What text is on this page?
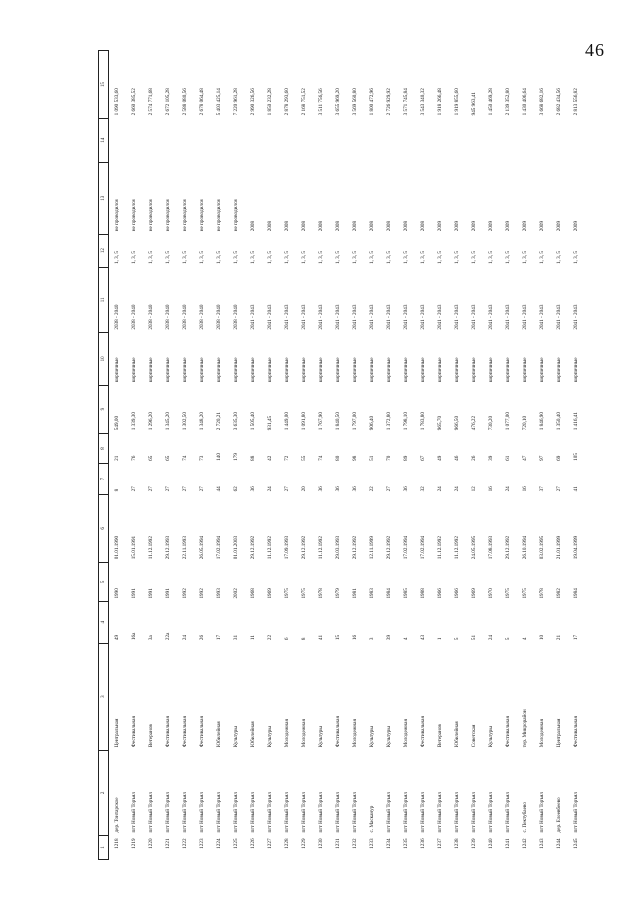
46
1	2	3	4	5	6	7	8	9	10	11	12	13	14	15
1218	дер. Тонтарское	Центральная	49	1990	01.01.1990	8	21	549,00	кирпичные	2038 - 2040	1, 3, 5	не проводился		1 090 533,60
1219	пгт Новый Торъял	Фестивальная	16а	1991	15.01.1991	27	76	1 339,30	кирпичные	2038 - 2040	1, 3, 5	не проводился		2 660 385,52
1220	пгт Новый Торъял	Ветеранов	3а	1991	11.12.1992	27	65	1 296,20	кирпичные	2038 - 2040	1, 3, 5	не проводился		2 574 771,68
1221	пгт Новый Торъял	Фестивальная	22а	1991	29.12.1993	27	65	1 345,20	кирпичные	2038 - 2040	1, 3, 5	не проводился		2 672 105,28
1222	пгт Новый Торъял	Фестивальная	24	1992	22.11.1993	27	74	1 302,50	кирпичные	2038 - 2040	1, 3, 5	не проводился		2 588 080,56
1223	пгт Новый Торъял	Фестивальная	26	1992	26.05.1994	27	73	1 348,20	кирпичные	2038 - 2040	1, 3, 5	не проводился		2 678 064,48
1224	пгт Новый Торъял	Юбилейная	17	1993	17.02.1994	44	140	2 720,21	кирпичные	2038 - 2040	1, 3, 5	не проводился		5 403 425,14
1225	пгт Новый Торъял	Культуры	31	2002	01.01.2003	62	179	3 635,30	кирпичные	2038 - 2040	1, 3, 5	не проводился		7 220 961,28
1226	пгт Новый Торъял	Юбилейная	11	1968	29.12.1992	36	88	1 505,40	кирпичные	2041 - 2043	1, 3, 5	2008		2 990 326,56
1227	пгт Новый Торъял	Культуры	22	1969	11.12.1992	24	42	931,45	кирпичные	2041 - 2043	1, 3, 5	2008		1 850 232,28
1228	пгт Новый Торъял	Молодежная	6	1975	17.09.1993	27	72	1 449,00	кирпичные	2041 - 2043	1, 3, 5	2008		2 878 293,60
1229	пгт Новый Торъял	Молодежная	8	1975	29.12.1992	20	55	1 091,80	кирпичные	2041 - 2043	1, 3, 5	2008		2 168 751,52
1230	пгт Новый Торъял	Культуры	41	1978	11.12.1992	36	74	1 767,90	кирпичные	2041 - 2043	1, 3, 5	2008		3 511 756,56
1231	пгт Новый Торъял	Фестивальная	15	1979	29.03.1993	36	80	1 840,50	кирпичные	2041 - 2043	1, 3, 5	2008		3 655 969,20
1232	пгт Новый Торъял	Молодежная	16	1981	29.12.1992	36	98	1 797,00	кирпичные	2041 - 2043	1, 3, 5	2008		3 569 560,80
1233	с. Масканур	Культуры	3	1983	12.11.1999	22	51	906,40	кирпичные	2041 - 2043	1, 3, 5	2008		1 800 472,96
1234	пгт Новый Торъял	Культуры	39	1984	29.12.1992	27	70	1 372,80	кирпичные	2041 - 2043	1, 3, 5	2008		2 726 929,92
1235	пгт Новый Торъял	Молодежная	4	1985	17.02.1994	36	89	1 798,10	кирпичные	2041 - 2043	1, 3, 5	2008		3 571 745,84
1236	пгт Новый Торъял	Фестивальная	43	1988	17.02.1994	32	67	1 783,80	кирпичные	2041 - 2043	1, 3, 5	2008		3 543 340,32
1237	пгт Новый Торъял	Ветеранов	1	1966	11.12.1992	24	49	965,70	кирпичные	2041 - 2043	1, 3, 5	2009		1 918 266,48
1238	пгт Новый Торъял	Юбилейная	5	1966	11.12.1992	24	46	966,50	кирпичные	2041 - 2043	1, 3, 5	2009		1 919 855,60
1239	пгт Новый Торъял	Советская	51	1969	24.05.1995	12	26	476,22	кирпичные	2041 - 2043	1, 3, 5	2009		945 963,41
1240	пгт Новый Торъял	Культуры	24	1970	17.08.1993	16	39	730,20	кирпичные	2041 - 2043	1, 3, 5	2009		1 450 469,28
1241	пгт Новый Торъял	Фестивальная	5	1975	29.12.1992	24	61	1 077,00	кирпичные	2041 - 2043	1, 3, 5	2009		2 139 352,80
1242	с. Пектубаево	тер. Микрорайон	4	1975	26.10.1994	16	47	720,10	кирпичные	2041 - 2043	1, 3, 5	2009		1 430 406,64
1243	пгт Новый Торъял	Молодежная	10	1978	03.02.1995	37	97	1 846,90	кирпичные	2041 - 2043	1, 3, 5	2009		3 668 682,16
1244	дер. Елеевбеево	Центральная	21	1982	21.01.1999	27	69	1 350,40	кирпичные	2041 - 2043	1, 3, 5	2009		2 682 434,56
1245	пгт Новый Торъял	Фестивальная	17	1984	19.04.1999	41	105	1 416,41	кирпичные	2041 - 2043	1, 3, 5	2009		2 813 556,82
